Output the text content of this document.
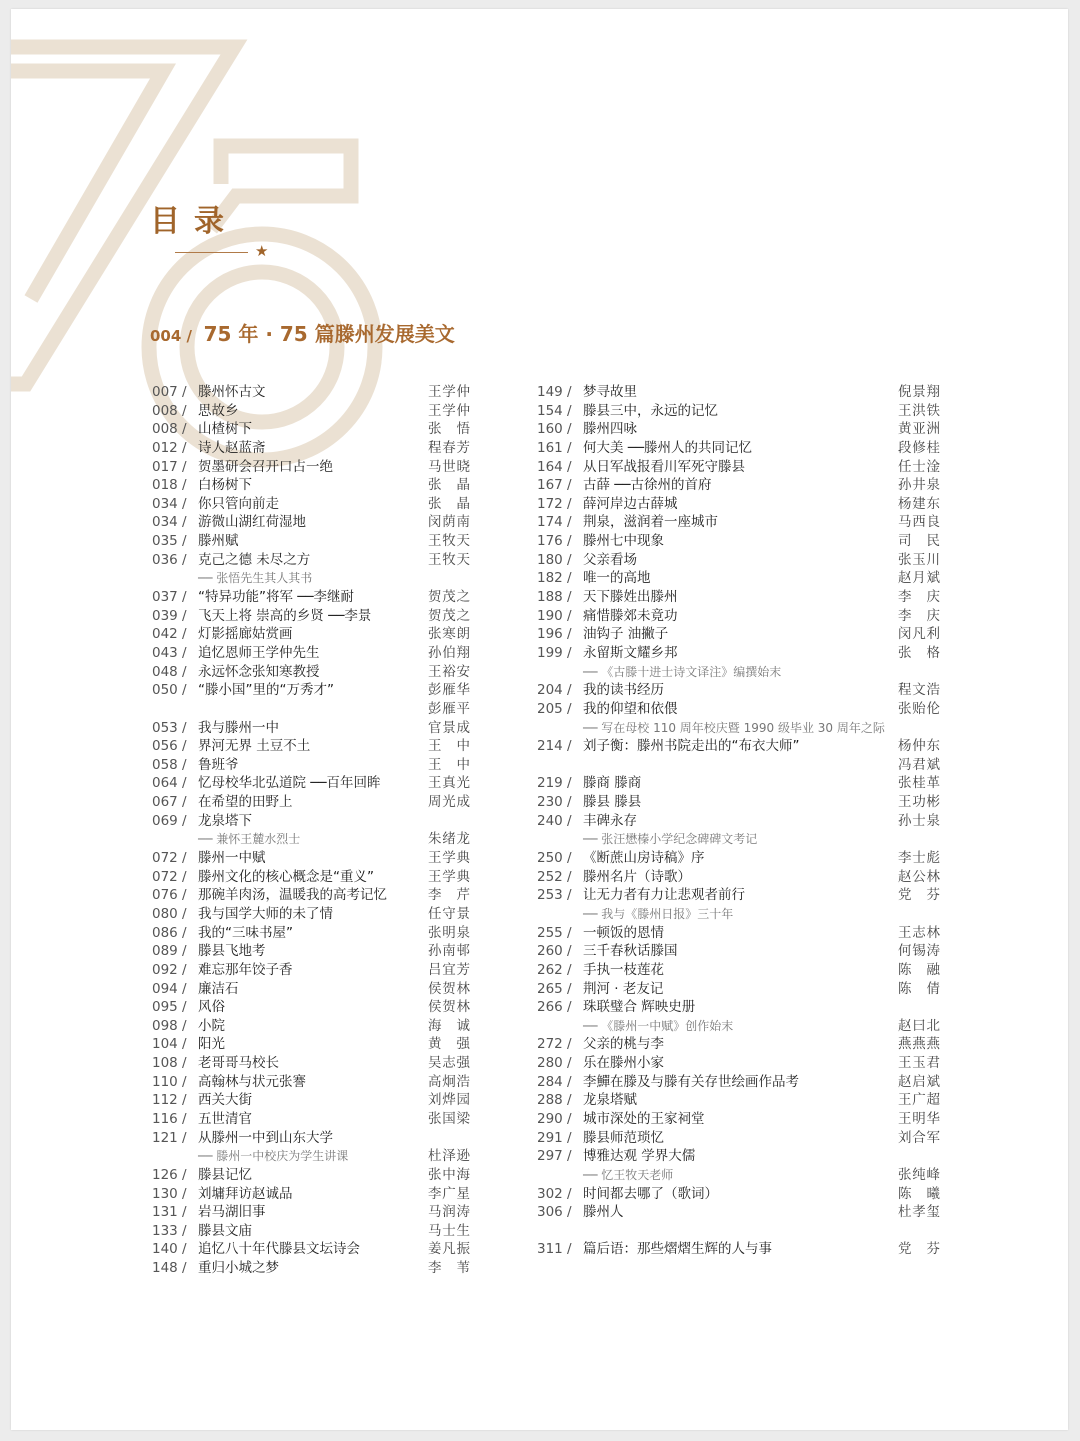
目录
★
004 / 75 年 · 75 篇滕州发展美文
007 / 滕州怀古文	王学仲
008 / 思故乡	王学仲
008 / 山楂树下	张悟
012 / 诗人赵蓝斋	程春芳
017 / 贺墨研会召开口占一绝	马世晓
018 / 白杨树下	张晶
034 / 你只管向前走	张晶
034 / 游微山湖红荷湿地	闵荫南
035 / 滕州赋	王牧天
036 / 克己之德 未尽之方	王牧天
── 张悟先生其人其书
037 / “特异功能”将军 ──李继耐	贺茂之
039 / 飞天上将 崇高的乡贤 ──李景	贺茂之
042 / 灯影摇廊姑赏画	张寒朗
043 / 追忆恩师王学仲先生	孙伯翔
048 / 永远怀念张知寒教授	王裕安
050 / “滕小国”里的“万秀才”	彭雁华
彭雁平
053 / 我与滕州一中	官景成
056 / 界河无界 土豆不土	王中
058 / 鲁班爷	王中
064 / 忆母校华北弘道院 ──百年回眸	王真光
067 / 在希望的田野上	周光成
069 / 龙泉塔下
── 兼怀王麓水烈士	朱绪龙
072 / 滕州一中赋	王学典
072 / 滕州文化的核心概念是“重义”	王学典
076 / 那碗羊肉汤，温暖我的高考记忆	李芹
080 / 我与国学大师的未了情	任守景
086 / 我的“三味书屋”	张明泉
089 / 滕县飞地考	孙南邨
092 / 难忘那年饺子香	吕宜芳
094 / 廉洁石	侯贺林
095 / 风俗	侯贺林
098 / 小院	海诚
104 / 阳光	黄强
108 / 老哥哥马校长	吴志强
110 / 高翰林与状元张謇	高炯浩
112 / 西关大街	刘烨园
116 / 五世清官	张国梁
121 / 从滕州一中到山东大学
── 滕州一中校庆为学生讲课	杜泽逊
126 / 滕县记忆	张中海
130 / 刘墉拜访赵诚品	李广星
131 / 岩马湖旧事	马润涛
133 / 滕县文庙	马士生
140 / 追忆八十年代滕县文坛诗会	姜凡振
148 / 重归小城之梦	李苇
149 / 梦寻故里	倪景翔
154 / 滕县三中，永远的记忆	王洪铁
160 / 滕州四咏	黄亚洲
161 / 何大美 ──滕州人的共同记忆	段修桂
164 / 从日军战报看川军死守滕县	任士淦
167 / 古薛 ──古徐州的首府	孙井泉
172 / 薛河岸边古薛城	杨建东
174 / 荆泉，滋润着一座城市	马西良
176 / 滕州七中现象	司民
180 / 父亲看场	张玉川
182 / 唯一的高地	赵月斌
188 / 天下滕姓出滕州	李庆
190 / 痛惜滕郊未竟功	李庆
196 / 油钩子 油撇子	闵凡利
199 / 永留斯文耀乡邦	张格
── 《古滕十进士诗文译注》编撰始末
204 / 我的读书经历	程文浩
205 / 我的仰望和依偎	张贻伦
── 写在母校 110 周年校庆暨 1990 级毕业 30 周年之际
214 / 刘子衡：滕州书院走出的“布衣大师”	杨仲东
冯君斌
219 / 滕商 滕商	张桂革
230 / 滕县 滕县	王功彬
240 / 丰碑永存	孙士泉
── 张汪懋榛小学纪念碑碑文考记
250 / 《断蔗山房诗稿》序	李士彪
252 / 滕州名片（诗歌）	赵公林
253 / 让无力者有力让悲观者前行	党芬
── 我与《滕州日报》三十年
255 / 一顿饭的恩情	王志林
260 / 三千春秋话滕国	何锡涛
262 / 手执一枝莲花	陈融
265 / 荆河 · 老友记	陈倩
266 / 珠联璧合 辉映史册
── 《滕州一中赋》创作始末	赵曰北
272 / 父亲的桃与李	燕燕燕
280 / 乐在滕州小家	王玉君
284 / 李鱓在滕及与滕有关存世绘画作品考	赵启斌
288 / 龙泉塔赋	王广超
290 / 城市深处的王家祠堂	王明华
291 / 滕县师范琐忆	刘合军
297 / 博雅达观 学界大儒
── 忆王牧天老师	张纯峰
302 / 时间都去哪了（歌词）	陈曦
306 / 滕州人	杜孝玺
311 / 篇后语：那些熠熠生辉的人与事	党芬
